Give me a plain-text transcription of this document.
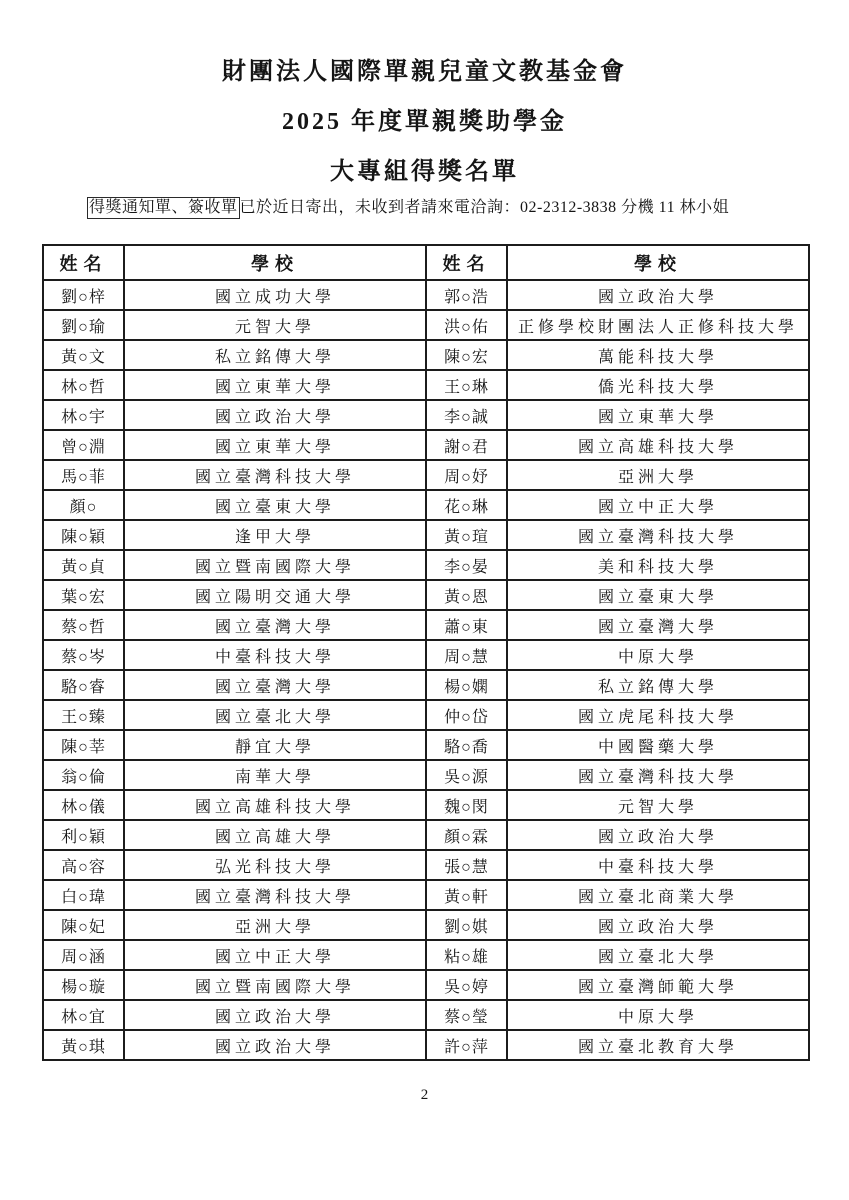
財團法人國際單親兒童文教基金會
2025 年度單親獎助學金
大專組得獎名單
得獎通知單、簽收單 已於近日寄出，未收到者請來電洽詢：02-2312-3838 分機 11 林小姐
姓名	學校	姓名	學校
劉○梓	國立成功大學	郭○浩	國立政治大學
劉○瑜	元智大學	洪○佑	正修學校財團法人正修科技大學
黃○文	私立銘傳大學	陳○宏	萬能科技大學
林○哲	國立東華大學	王○琳	僑光科技大學
林○宇	國立政治大學	李○誠	國立東華大學
曾○淵	國立東華大學	謝○君	國立高雄科技大學
馬○菲	國立臺灣科技大學	周○妤	亞洲大學
顏○	國立臺東大學	花○琳	國立中正大學
陳○穎	逢甲大學	黃○瑄	國立臺灣科技大學
黃○貞	國立暨南國際大學	李○晏	美和科技大學
葉○宏	國立陽明交通大學	黃○恩	國立臺東大學
蔡○哲	國立臺灣大學	蕭○東	國立臺灣大學
蔡○岑	中臺科技大學	周○慧	中原大學
駱○睿	國立臺灣大學	楊○嫻	私立銘傳大學
王○臻	國立臺北大學	仲○岱	國立虎尾科技大學
陳○莘	靜宜大學	駱○喬	中國醫藥大學
翁○倫	南華大學	吳○源	國立臺灣科技大學
林○儀	國立高雄科技大學	魏○閔	元智大學
利○穎	國立高雄大學	顏○霖	國立政治大學
高○容	弘光科技大學	張○慧	中臺科技大學
白○瑋	國立臺灣科技大學	黃○軒	國立臺北商業大學
陳○妃	亞洲大學	劉○娸	國立政治大學
周○涵	國立中正大學	粘○雄	國立臺北大學
楊○璇	國立暨南國際大學	吳○婷	國立臺灣師範大學
林○宜	國立政治大學	蔡○瑩	中原大學
黃○琪	國立政治大學	許○萍	國立臺北教育大學
2
